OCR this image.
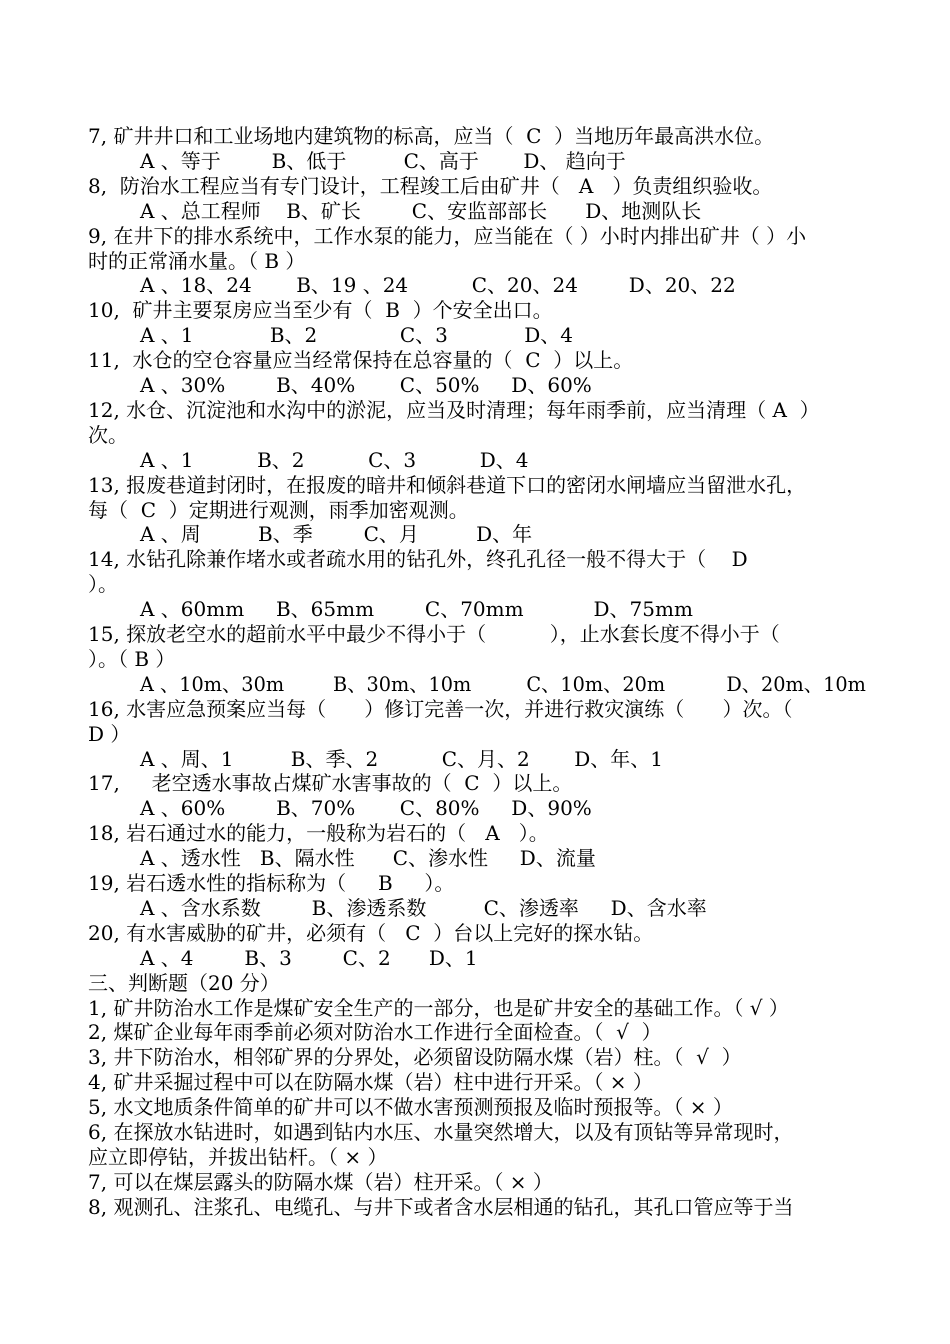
7, 矿井井口和工业场地内建筑物的标高，应当（  C  ）当地历年最高洪水位。
A 、等于        B、低于         C、高于       D、 趋向于
8,  防治水工程应当有专门设计，工程竣工后由矿井（   A   ）负责组织验收。
A 、总工程师    B、矿长        C、安监部部长      D、地测队长
9, 在井下的排水系统中，工作水泵的能力，应当能在（ ）小时内排出矿井（ ）小
时的正常涌水量。（ B ）
A 、18、24       B、19 、24          C、20、24        D、20、22
10,  矿井主要泵房应当至少有（  B  ）个安全出口。
A 、1            B、2             C、3            D、4
11,  水仓的空仓容量应当经常保持在总容量的（  C  ）以上。
A 、30%        B、40%       C、50%     D、60%
12, 水仓、沉淀池和水沟中的淤泥，应当及时清理；每年雨季前，应当清理（ A  ）
次。
A 、1          B、2          C、3          D、4
13, 报废巷道封闭时，在报废的暗井和倾斜巷道下口的密闭水闸墙应当留泄水孔，
每（  C  ）定期进行观测，雨季加密观测。
A 、周         B、季        C、月         D、年
14, 水钻孔除兼作堵水或者疏水用的钻孔外，终孔孔径一般不得大于（    D
）。
A 、60mm     B、65mm        C、70mm           D、75mm
15, 探放老空水的超前水平中最少不得小于（          ），止水套长度不得小于（
）。（ B ）
A 、10m、30m        B、30m、10m         C、10m、20m          D、20m、10m
16, 水害应急预案应当每（      ）修订完善一次，并进行救灾演练（      ）次。（
D ）
A 、周、1         B、季、2          C、月、2       D、年、1
17,     老空透水事故占煤矿水害事故的（  C  ）以上。
A 、60%        B、70%       C、80%     D、90%
18, 岩石通过水的能力，一般称为岩石的（   A   ）。
A 、透水性   B、隔水性      C、渗水性     D、流量
19, 岩石透水性的指标称为（     B     ）。
A 、含水系数        B、渗透系数         C、渗透率     D、含水率
20, 有水害威胁的矿井，必须有（   C  ）台以上完好的探水钻。
A 、4        B、3        C、2      D、1
三、判断题（20 分）
1, 矿井防治水工作是煤矿安全生产的一部分，也是矿井安全的基础工作。（ √ ）
2, 煤矿企业每年雨季前必须对防治水工作进行全面检查。（  √  ）
3, 井下防治水，相邻矿界的分界处，必须留设防隔水煤（岩）柱。（  √  ）
4, 矿井采掘过程中可以在防隔水煤（岩）柱中进行开采。（ × ）
5, 水文地质条件简单的矿井可以不做水害预测预报及临时预报等。（ × ）
6, 在探放水钻进时，如遇到钻内水压、水量突然增大，以及有顶钻等异常现时，
应立即停钻，并拔出钻杆。（ × ）
7, 可以在煤层露头的防隔水煤（岩）柱开采。（ × ）
8, 观测孔、注浆孔、电缆孔、与井下或者含水层相通的钻孔，其孔口管应等于当
